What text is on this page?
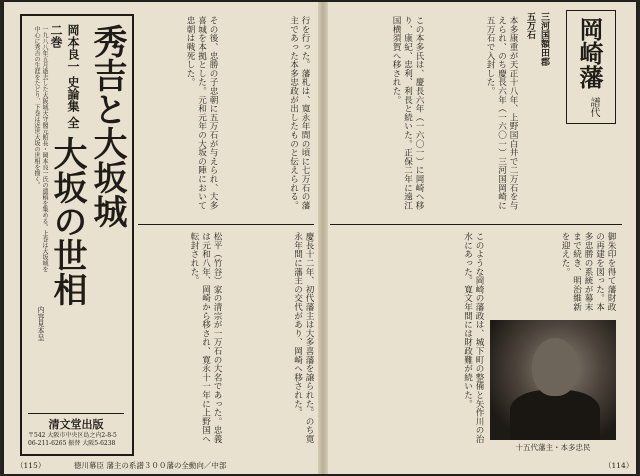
秀吉と大坂城
大坂の世相
岡本良一 史論集 全二巻
一九八八年五月逝去した大阪城天守閣元館長・岡本良一氏の遺稿を集める。上巻は大坂城を中心に秀吉の生涯をたどり、下巻は近世大坂の世相を描く。
内容見本呈
清文堂出版
〒542 大阪市中央区島之内2-8-5
06-211-6265 振替 大阪5-6238
行を行った。藩札は、寛永年間の頃に七万石の藩主であった本多忠政が出したものと伝えられる。
その後、忠勝の子忠朝に五万石が与えられ、大多喜城を本拠とした。元和元年の大坂の陣において忠朝は戦死した。
慶長十二年、初代藩主は大多喜藩を譲られた。のち寛永年間に藩主の交代があり、岡崎へ移された。
松平（竹谷）家の清宗が一万石の大名であった。忠義は元和八年、岡崎から移され、寛永十一年に上野国へ転封された。
（115）	徳川幕臣 藩主の系譜３００藩の全動向／中部
岡崎藩
譜代
三河国額田郡
五万石
本多康重が天正十八年、上野国白井で二万石を与えられ、のち慶長六年（一六〇一）三河国岡崎に五万石で入封した。
この本多氏は、慶長六年（一六〇一）に岡崎へ移り、康紀、忠利、利長と続いた。正保二年に遠江国横須賀へ移された。
このような岡崎の藩政は、城下町の整備と矢作川の治水にあった。寛文年間には財政難が続いた。	御朱印を得て藩財政の再建を図った。本多忠勝の系統が幕末まで続き、明治維新を迎えた。
十五代藩主・本多忠民
（114）
